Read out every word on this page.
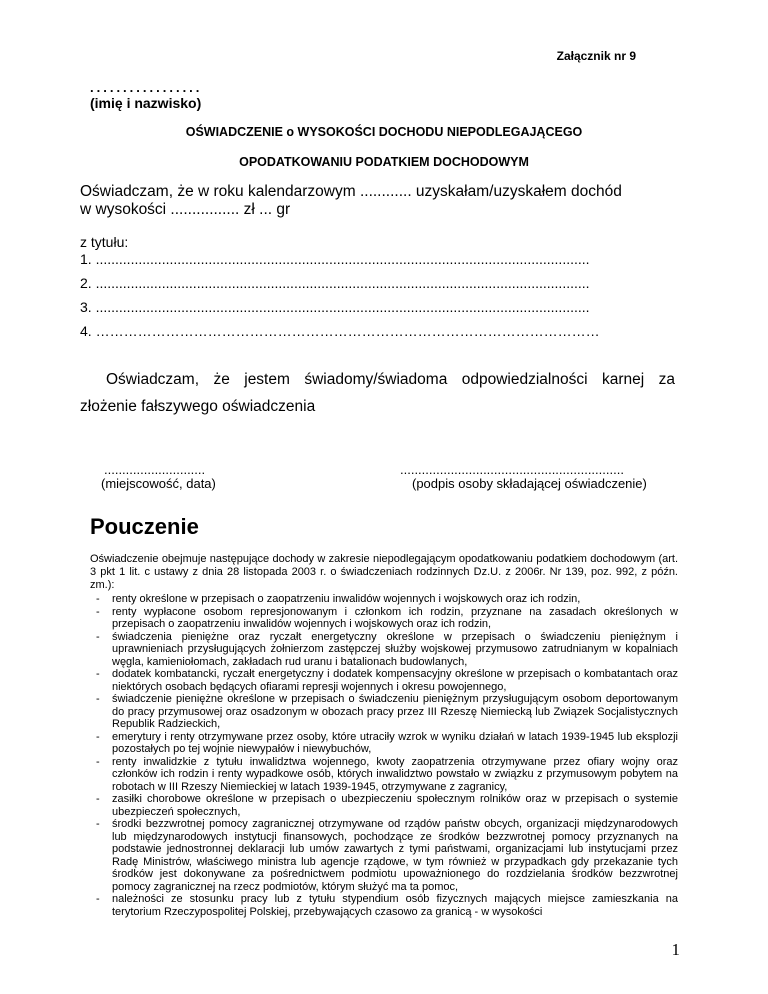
Załącznik nr 9
.................
(imię i nazwisko)
OŚWIADCZENIE o WYSOKOŚCI DOCHODU NIEPODLEGAJĄCEGO
OPODATKOWANIU PODATKIEM DOCHODOWYM
Oświadczam, że w roku kalendarzowym ............ uzyskałam/uzyskałem dochód
w wysokości ................ zł ... gr
z tytułu:
1. ...............................................................................................................................
2. ...............................................................................................................................
3. ...............................................................................................................................
4. ………………………………………………………………………………………………
Oświadczam, że jestem świadomy/świadoma odpowiedzialności karnej za
złożenie fałszywego oświadczenia
............................	..............................................................
(miejscowość, data)	(podpis osoby składającej oświadczenie)
Pouczenie
Oświadczenie obejmuje następujące dochody w zakresie niepodlegającym opodatkowaniu podatkiem dochodowym (art. 3 pkt 1 lit. c ustawy z dnia 28 listopada 2003 r. o świadczeniach rodzinnych Dz.U. z 2006r. Nr 139, poz. 992, z późn. zm.):
- renty określone w przepisach o zaopatrzeniu inwalidów wojennych i wojskowych oraz ich rodzin,
- renty wypłacone osobom represjonowanym i członkom ich rodzin, przyznane na zasadach określonych w przepisach o zaopatrzeniu inwalidów wojennych i wojskowych oraz ich rodzin,
- świadczenia pieniężne oraz ryczałt energetyczny określone w przepisach o świadczeniu pieniężnym i uprawnieniach przysługujących żołnierzom zastępczej służby wojskowej przymusowo zatrudnianym w kopalniach węgla, kamieniołomach, zakładach rud uranu i batalionach budowlanych,
- dodatek kombatancki, ryczałt energetyczny i dodatek kompensacyjny określone w przepisach o kombatantach oraz niektórych osobach będących ofiarami represji wojennych i okresu powojennego,
- świadczenie pieniężne określone w przepisach o świadczeniu pieniężnym przysługującym osobom deportowanym do pracy przymusowej oraz osadzonym w obozach pracy przez III Rzeszę Niemiecką lub Związek Socjalistycznych Republik Radzieckich,
- emerytury i renty otrzymywane przez osoby, które utraciły wzrok w wyniku działań w latach 1939-1945 lub eksplozji pozostałych po tej wojnie niewypałów i niewybuchów,
- renty inwalidzkie z tytułu inwalidztwa wojennego, kwoty zaopatrzenia otrzymywane przez ofiary wojny oraz członków ich rodzin i renty wypadkowe osób, których inwalidztwo powstało w związku z przymusowym pobytem na robotach w III Rzeszy Niemieckiej w latach 1939-1945, otrzymywane z zagranicy,
- zasiłki chorobowe określone w przepisach o ubezpieczeniu społecznym rolników oraz w przepisach o systemie ubezpieczeń społecznych,
- środki bezzwrotnej pomocy zagranicznej otrzymywane od rządów państw obcych, organizacji międzynarodowych lub międzynarodowych instytucji finansowych, pochodzące ze środków bezzwrotnej pomocy przyznanych na podstawie jednostronnej deklaracji lub umów zawartych z tymi państwami, organizacjami lub instytucjami przez Radę Ministrów, właściwego ministra lub agencje rządowe, w tym również w przypadkach gdy przekazanie tych środków jest dokonywane za pośrednictwem podmiotu upoważnionego do rozdzielania środków bezzwrotnej pomocy zagranicznej na rzecz podmiotów, którym służyć ma ta pomoc,
- należności ze stosunku pracy lub z tytułu stypendium osób fizycznych mających miejsce zamieszkania na terytorium Rzeczypospolitej Polskiej, przebywających czasowo za granicą - w wysokości
1
